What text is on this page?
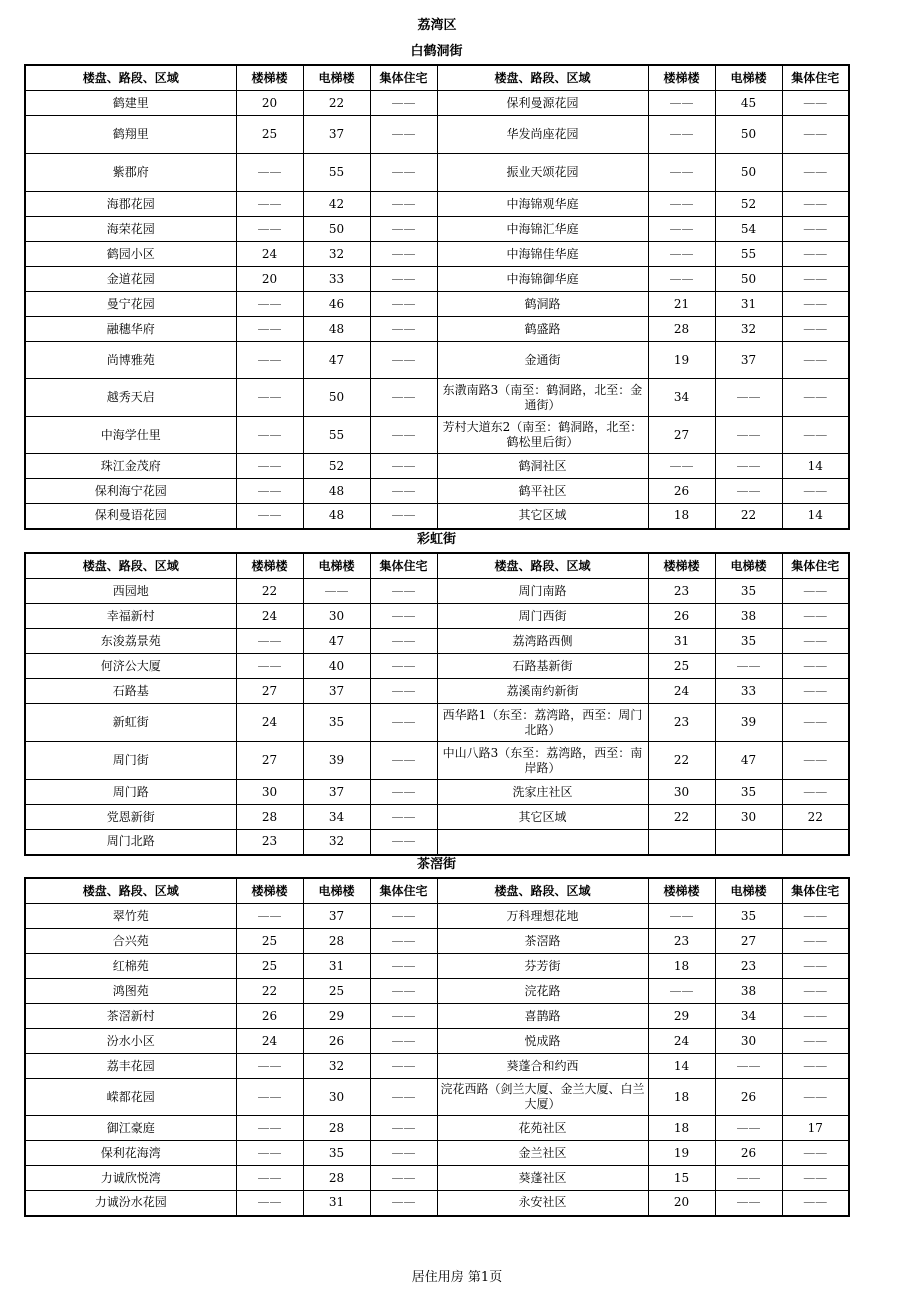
荔湾区
白鹤洞街
楼盘、路段、区域	楼梯楼	电梯楼	集体住宅	楼盘、路段、区域	楼梯楼	电梯楼	集体住宅
鹤建里	20	22	——	保利曼源花园	——	45	——
鹤翔里	25	37	——	华发尚座花园	——	50	——
紫郡府	——	55	——	振业天颂花园	——	50	——
海郡花园	——	42	——	中海锦观华庭	——	52	——
海荣花园	——	50	——	中海锦汇华庭	——	54	——
鹤园小区	24	32	——	中海锦佳华庭	——	55	——
金道花园	20	33	——	中海锦御华庭	——	50	——
曼宁花园	——	46	——	鹤洞路	21	31	——
融穗华府	——	48	——	鹤盛路	28	32	——
尚博雅苑	——	47	——	金通街	19	37	——
越秀天启	——	50	——	东漖南路3（南至：鹤洞路，北至：金通街）	34	——	——
中海学仕里	——	55	——	芳村大道东2（南至：鹤洞路，北至：鹤松里后街）	27	——	——
珠江金茂府	——	52	——	鹤洞社区	——	——	14
保利海宁花园	——	48	——	鹤平社区	26	——	——
保利曼语花园	——	48	——	其它区域	18	22	14
彩虹街
楼盘、路段、区域	楼梯楼	电梯楼	集体住宅	楼盘、路段、区域	楼梯楼	电梯楼	集体住宅
西园地	22	——	——	周门南路	23	35	——
幸福新村	24	30	——	周门西街	26	38	——
东浚荔景苑	——	47	——	荔湾路西侧	31	35	——
何济公大厦	——	40	——	石路基新街	25	——	——
石路基	27	37	——	荔溪南约新街	24	33	——
新虹街	24	35	——	西华路1（东至：荔湾路，西至：周门北路）	23	39	——
周门街	27	39	——	中山八路3（东至：荔湾路，西至：南岸路）	22	47	——
周门路	30	37	——	洗家庄社区	30	35	——
党恩新街	28	34	——	其它区域	22	30	22
周门北路	23	32	——				
茶滘街
楼盘、路段、区域	楼梯楼	电梯楼	集体住宅	楼盘、路段、区域	楼梯楼	电梯楼	集体住宅
翠竹苑	——	37	——	万科理想花地	——	35	——
合兴苑	25	28	——	茶滘路	23	27	——
红棉苑	25	31	——	芬芳街	18	23	——
鸿图苑	22	25	——	浣花路	——	38	——
茶滘新村	26	29	——	喜鹊路	29	34	——
汾水小区	24	26	——	悦成路	24	30	——
荔丰花园	——	32	——	葵蓬合和约西	14	——	——
嵘都花园	——	30	——	浣花西路（剑兰大厦、金兰大厦、白兰大厦）	18	26	——
御江豪庭	——	28	——	花苑社区	18	——	17
保利花海湾	——	35	——	金兰社区	19	26	——
力诚欣悦湾	——	28	——	葵蓬社区	15	——	——
力诚汾水花园	——	31	——	永安社区	20	——	——
居住用房 第1页
